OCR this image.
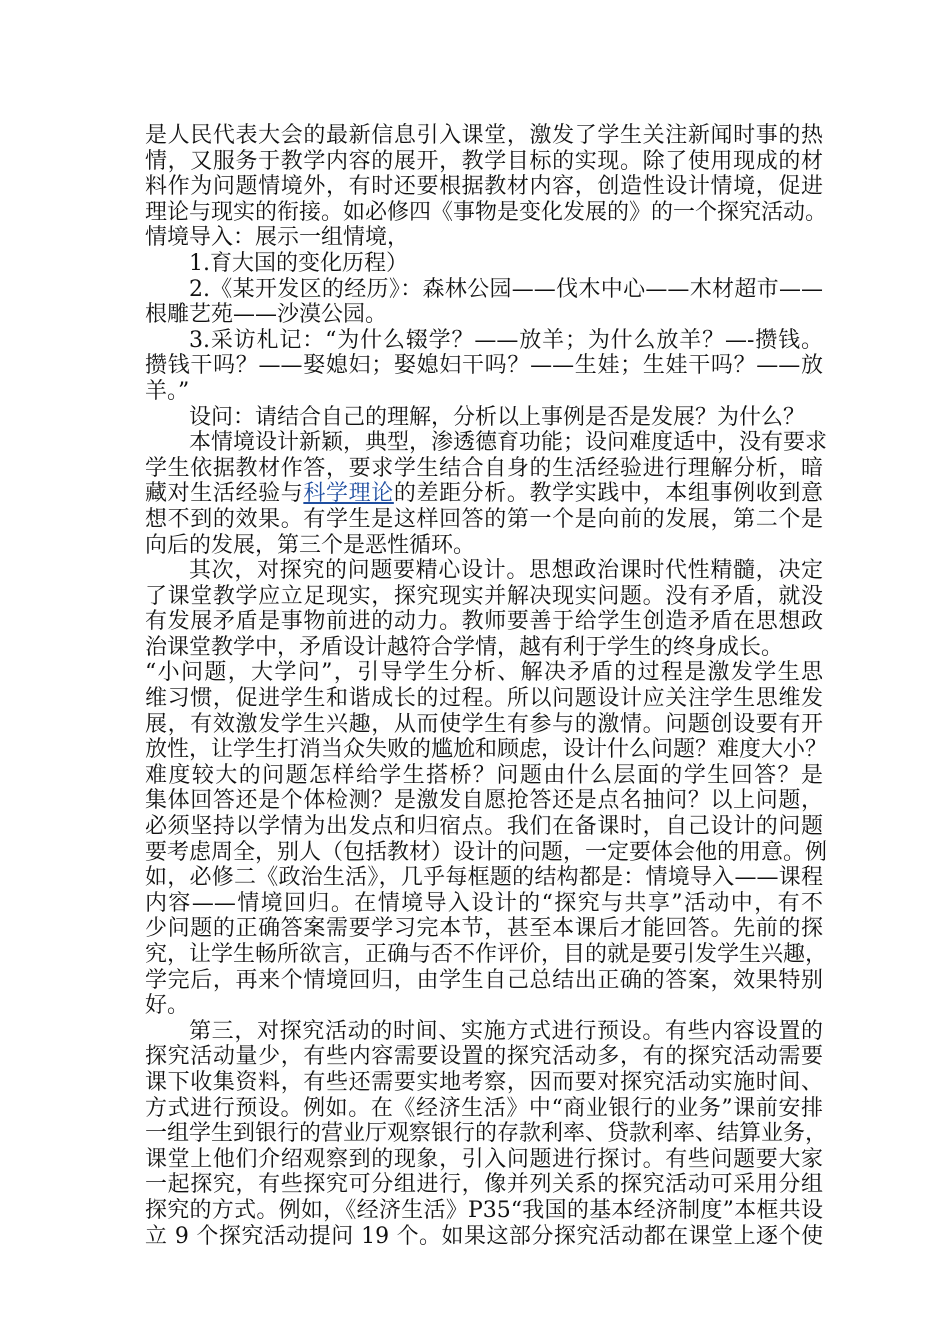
是人民代表大会的最新信息引入课堂，激发了学生关注新闻时事的热
情，又服务于教学内容的展开，教学目标的实现。除了使用现成的材
料作为问题情境外，有时还要根据教材内容，创造性设计情境，促进
理论与现实的衔接。如必修四《事物是变化发展的》的一个探究活动。
情境导入：展示一组情境，
1.育大国的变化历程）
2.《某开发区的经历》：森林公园——伐木中心——木材超市——
根雕艺苑——沙漠公园。
3.采访札记：“为什么辍学？——放羊；为什么放羊？—-攒钱。
攒钱干吗？——娶媳妇；娶媳妇干吗？——生娃；生娃干吗？——放
羊。”
设问：请结合自己的理解，分析以上事例是否是发展？为什么？
本情境设计新颖，典型，渗透德育功能；设问难度适中，没有要求
学生依据教材作答，要求学生结合自身的生活经验进行理解分析，暗
藏对生活经验与科学理论的差距分析。教学实践中，本组事例收到意
想不到的效果。有学生是这样回答的第一个是向前的发展，第二个是
向后的发展，第三个是恶性循环。
其次，对探究的问题要精心设计。思想政治课时代性精髓，决定
了课堂教学应立足现实，探究现实并解决现实问题。没有矛盾，就没
有发展矛盾是事物前进的动力。教师要善于给学生创造矛盾在思想政
治课堂教学中，矛盾设计越符合学情，越有利于学生的终身成长。
“小问题，大学问”，引导学生分析、解决矛盾的过程是激发学生思
维习惯，促进学生和谐成长的过程。所以问题设计应关注学生思维发
展，有效激发学生兴趣，从而使学生有参与的激情。问题创设要有开
放性，让学生打消当众失败的尴尬和顾虑，设计什么问题？难度大小？
难度较大的问题怎样给学生搭桥？问题由什么层面的学生回答？是
集体回答还是个体检测？是激发自愿抢答还是点名抽问？以上问题，
必须坚持以学情为出发点和归宿点。我们在备课时，自己设计的问题
要考虑周全，别人（包括教材）设计的问题，一定要体会他的用意。例
如，必修二《政治生活》，几乎每框题的结构都是：情境导入——课程
内容——情境回归。在情境导入设计的“探究与共享”活动中，有不
少问题的正确答案需要学习完本节，甚至本课后才能回答。先前的探
究，让学生畅所欲言，正确与否不作评价，目的就是要引发学生兴趣，
学完后，再来个情境回归，由学生自己总结出正确的答案，效果特别
好。
第三，对探究活动的时间、实施方式进行预设。有些内容设置的
探究活动量少，有些内容需要设置的探究活动多，有的探究活动需要
课下收集资料，有些还需要实地考察，因而要对探究活动实施时间、
方式进行预设。例如。在《经济生活》中“商业银行的业务”课前安排
一组学生到银行的营业厅观察银行的存款利率、贷款利率、结算业务，
课堂上他们介绍观察到的现象，引入问题进行探讨。有些问题要大家
一起探究，有些探究可分组进行，像并列关系的探究活动可采用分组
探究的方式。例如，《经济生活》P35“我国的基本经济制度”本框共设
立 9 个探究活动提问 19 个。如果这部分探究活动都在课堂上逐个使
